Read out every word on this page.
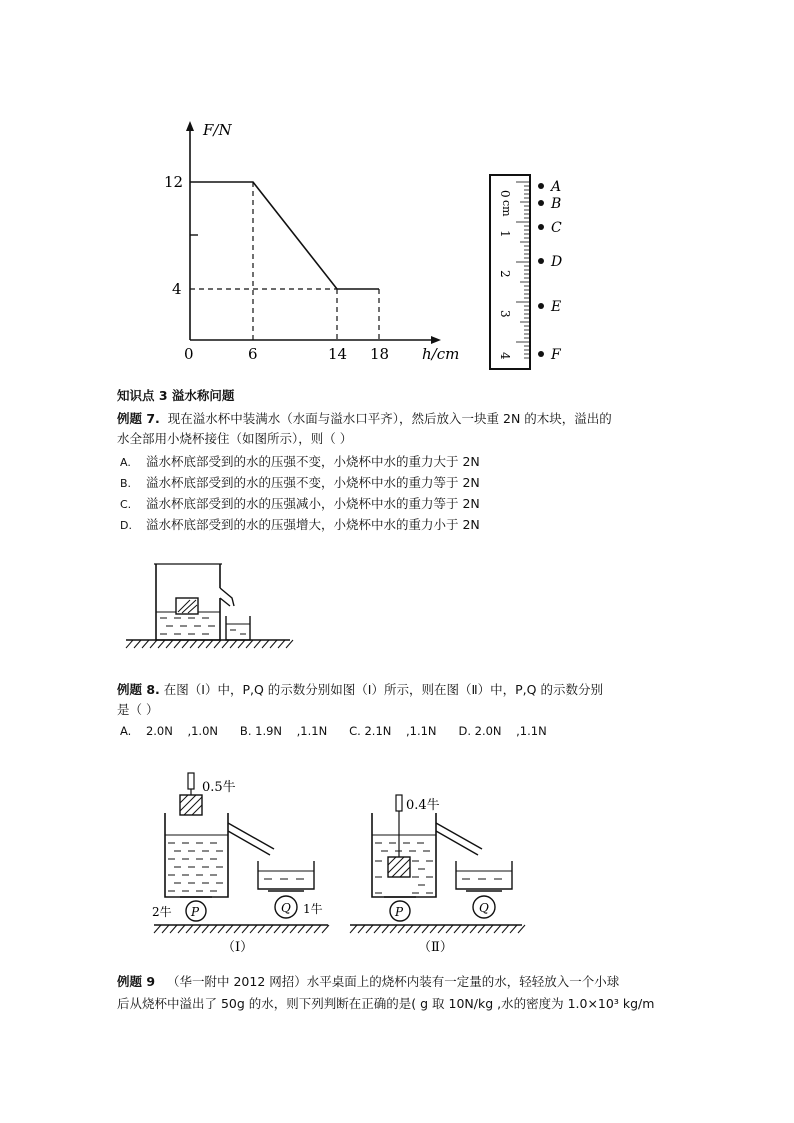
F/N
12
4
0	6	14 18 h/cm
0
cm
1
2
3
4
A
B
C
D
E
F
知识点 3 溢水称问题
例题 7. 现在溢水杯中装满水（水面与溢水口平齐），然后放入一块重 2N 的木块，溢出的
水全部用小烧杯接住（如图所示），则（ ）
A. 溢水杯底部受到的水的压强不变，小烧杯中水的重力大于 2N
B. 溢水杯底部受到的水的压强不变，小烧杯中水的重力等于 2N
C. 溢水杯底部受到的水的压强减小，小烧杯中水的重力等于 2N
D. 溢水杯底部受到的水的压强增大，小烧杯中水的重力小于 2N
例题 8. 在图（Ⅰ）中，P,Q 的示数分别如图（Ⅰ）所示，则在图（Ⅱ）中，P,Q 的示数分别
是（ ）
A.    2.0N    ,1.0N      B. 1.9N    ,1.1N      C. 2.1N    ,1.1N      D. 2.0N    ,1.1N
0.5牛
P
2牛	Q 1牛
（Ⅰ）
0.4牛
P	Q
（Ⅱ）
例题 9 （华一附中 2012 网招）水平桌面上的烧杯内装有一定量的水，轻轻放入一个小球
后从烧杯中溢出了 50g 的水，则下列判断在正确的是( g 取 10N/kg ,水的密度为 1.0×10³ kg/m
